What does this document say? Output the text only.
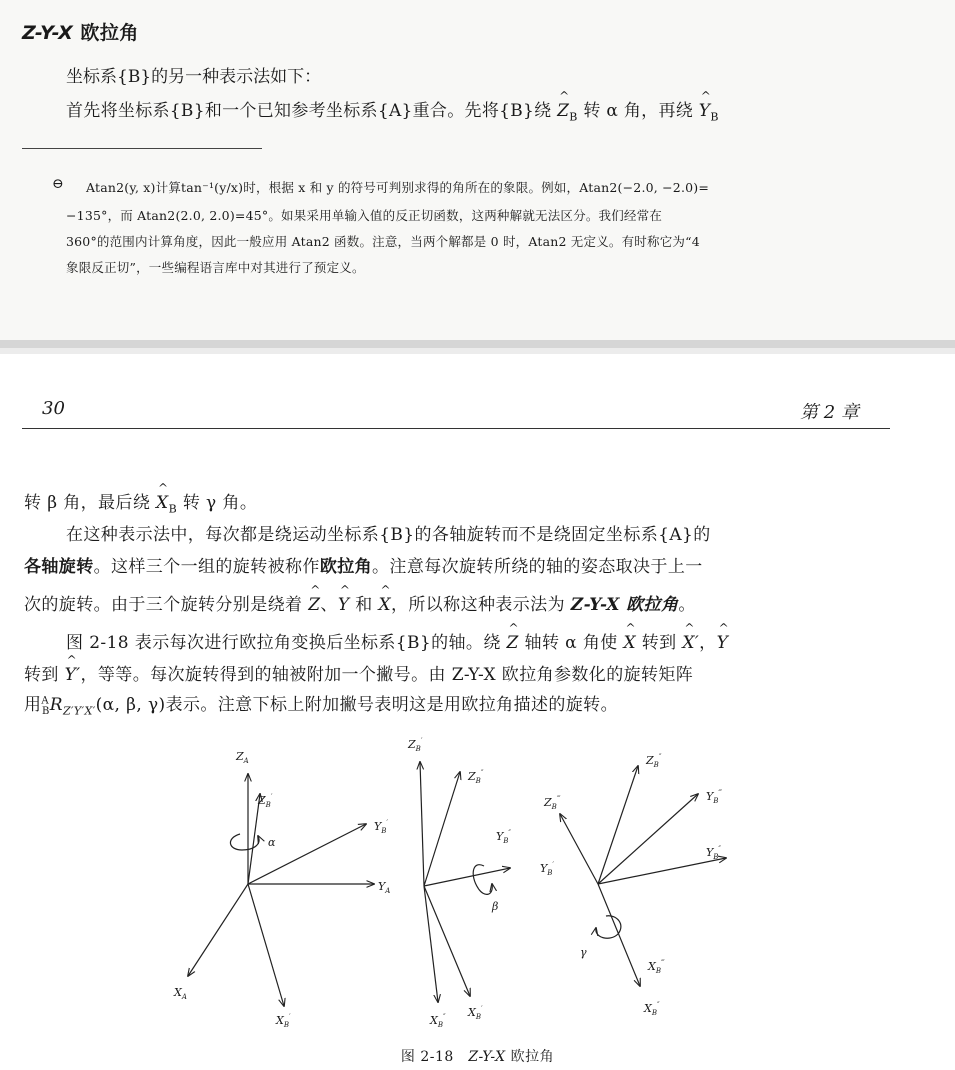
Z-Y-X 欧拉角
坐标系{B}的另一种表示法如下：
首先将坐标系{B}和一个已知参考坐标系{A}重合。先将{B}绕 ^ $Z_B$ 转 α 角，再绕 ^ $Y_B$
⊖ Atan2(y, x)计算tan⁻¹(y/x)时，根据 x 和 y 的符号可判别求得的角所在的象限。例如，Atan2(−2.0, −2.0)=
−135°，而 Atan2(2.0, 2.0)=45°。如果采用单输入值的反正切函数，这两种解就无法区分。我们经常在
360°的范围内计算角度，因此一般应用 Atan2 函数。注意，当两个解都是 0 时，Atan2 无定义。有时称它为“4
象限反正切”，一些编程语言库中对其进行了预定义。
30	第 2 章
转 β 角，最后绕 ^ $X_B$ 转 γ 角。
在这种表示法中，每次都是绕运动坐标系{B}的各轴旋转而不是绕固定坐标系{A}的
各轴旋转。这样三个一组的旋转被称作欧拉角。注意每次旋转所绕的轴的姿态取决于上一
次的旋转。由于三个旋转分别是绕着 ^ Z、^ Y 和 ^ X，所以称这种表示法为 Z-Y-X 欧拉角。
图 2-18 表示每次进行欧拉角变换后坐标系{B}的轴。绕 ^ Z 轴转 α 角使 ^ X 转到 ^ X′，^ Y
转到 ^ Y′，等等。每次旋转得到的轴被附加一个撇号。由 Z-Y-X 欧拉角参数化的旋转矩阵
用$^A_BR_{Z'Y'X'}(\alpha$, β, γ)表示。注意下标上附加撇号表明这是用欧拉角描述的旋转。
$Z_A$
$Z_B'$
$Y_B'$
$Y_A$
$X_A$
$X_B'$
α
$Z_B'$
$Z_B''$
$Y_B''$
$Y_B'$
$X_B''$ $X_B'$
β
$Z_B''$
$Z_B^‴$	$Y_B^‴$
$Y_B''$
$X_B^‴$
$X_B''$
γ
图 2-18　Z-Y-X 欧拉角
